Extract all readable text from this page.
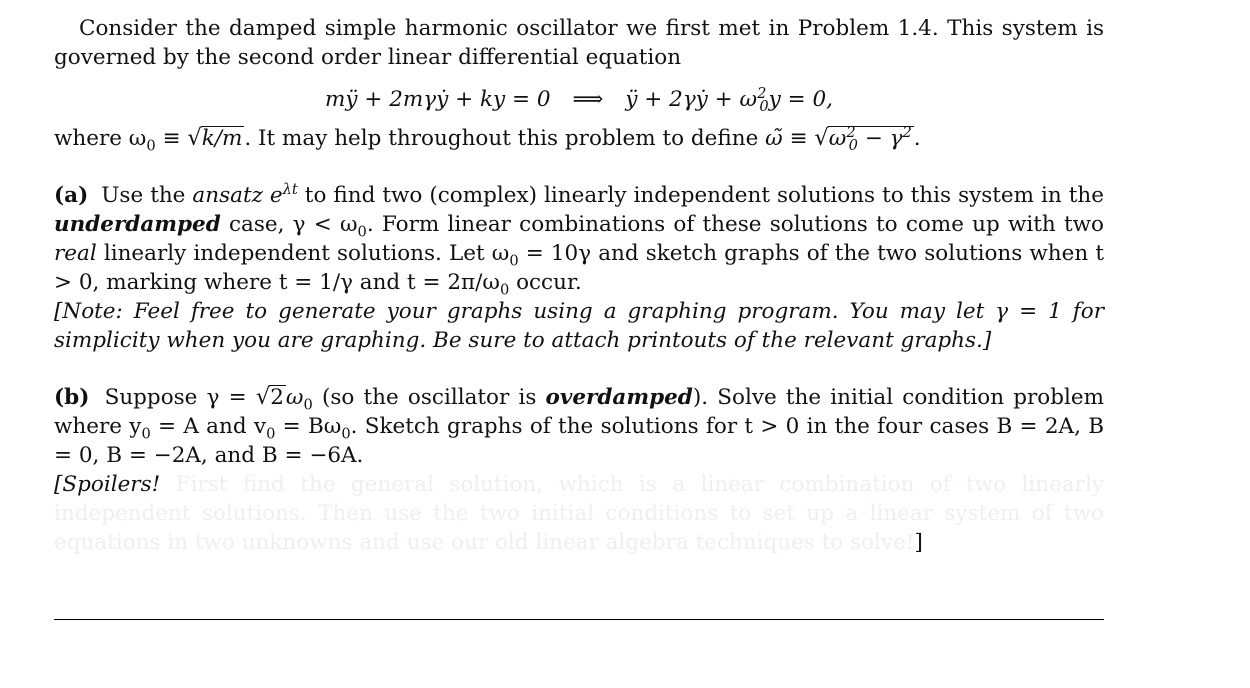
Consider the damped simple harmonic oscillator we first met in Problem 1.4. This system is governed by the second order linear differential equation

mÿ + 2mγẏ + ky = 0 ⟹ ÿ + 2γẏ + $\omega^2_0y = 0$,

where $\omega_0 \equiv √k/m$. It may help throughout this problem to define ω̃ ≡ $√\omega^2_0 - \gamma^2$.

(a) Use the ansatz $e^{\lambda t}$ to find two (complex) linearly independent solutions to this system in the underdamped case, $\gamma < \omega_0$. Form linear combinations of these solutions to come up with two real linearly independent solutions. Let $\omega_0 = 10\gamma$ and sketch graphs of the two solutions when t > 0, marking where t = 1/γ and $t = 2\pi/\omega_0$ occur.

[Note: Feel free to generate your graphs using a graphing program. You may let γ = 1 for simplicity when you are graphing. Be sure to attach printouts of the relevant graphs.]

(b) Suppose $\gamma = √2\omega_0$ (so the oscillator is overdamped). Solve the initial condition problem where $y_0 = A$ and $v_0 = B\omega_0$. Sketch graphs of the solutions for t > 0 in the four cases B = 2A, B = 0, B = −2A, and B = −6A.

[Spoilers! First find the general solution, which is a linear combination of two linearly independent solutions. Then use the two initial conditions to set up a linear system of two equations in two unknowns and use our old linear algebra techniques to solve!]
